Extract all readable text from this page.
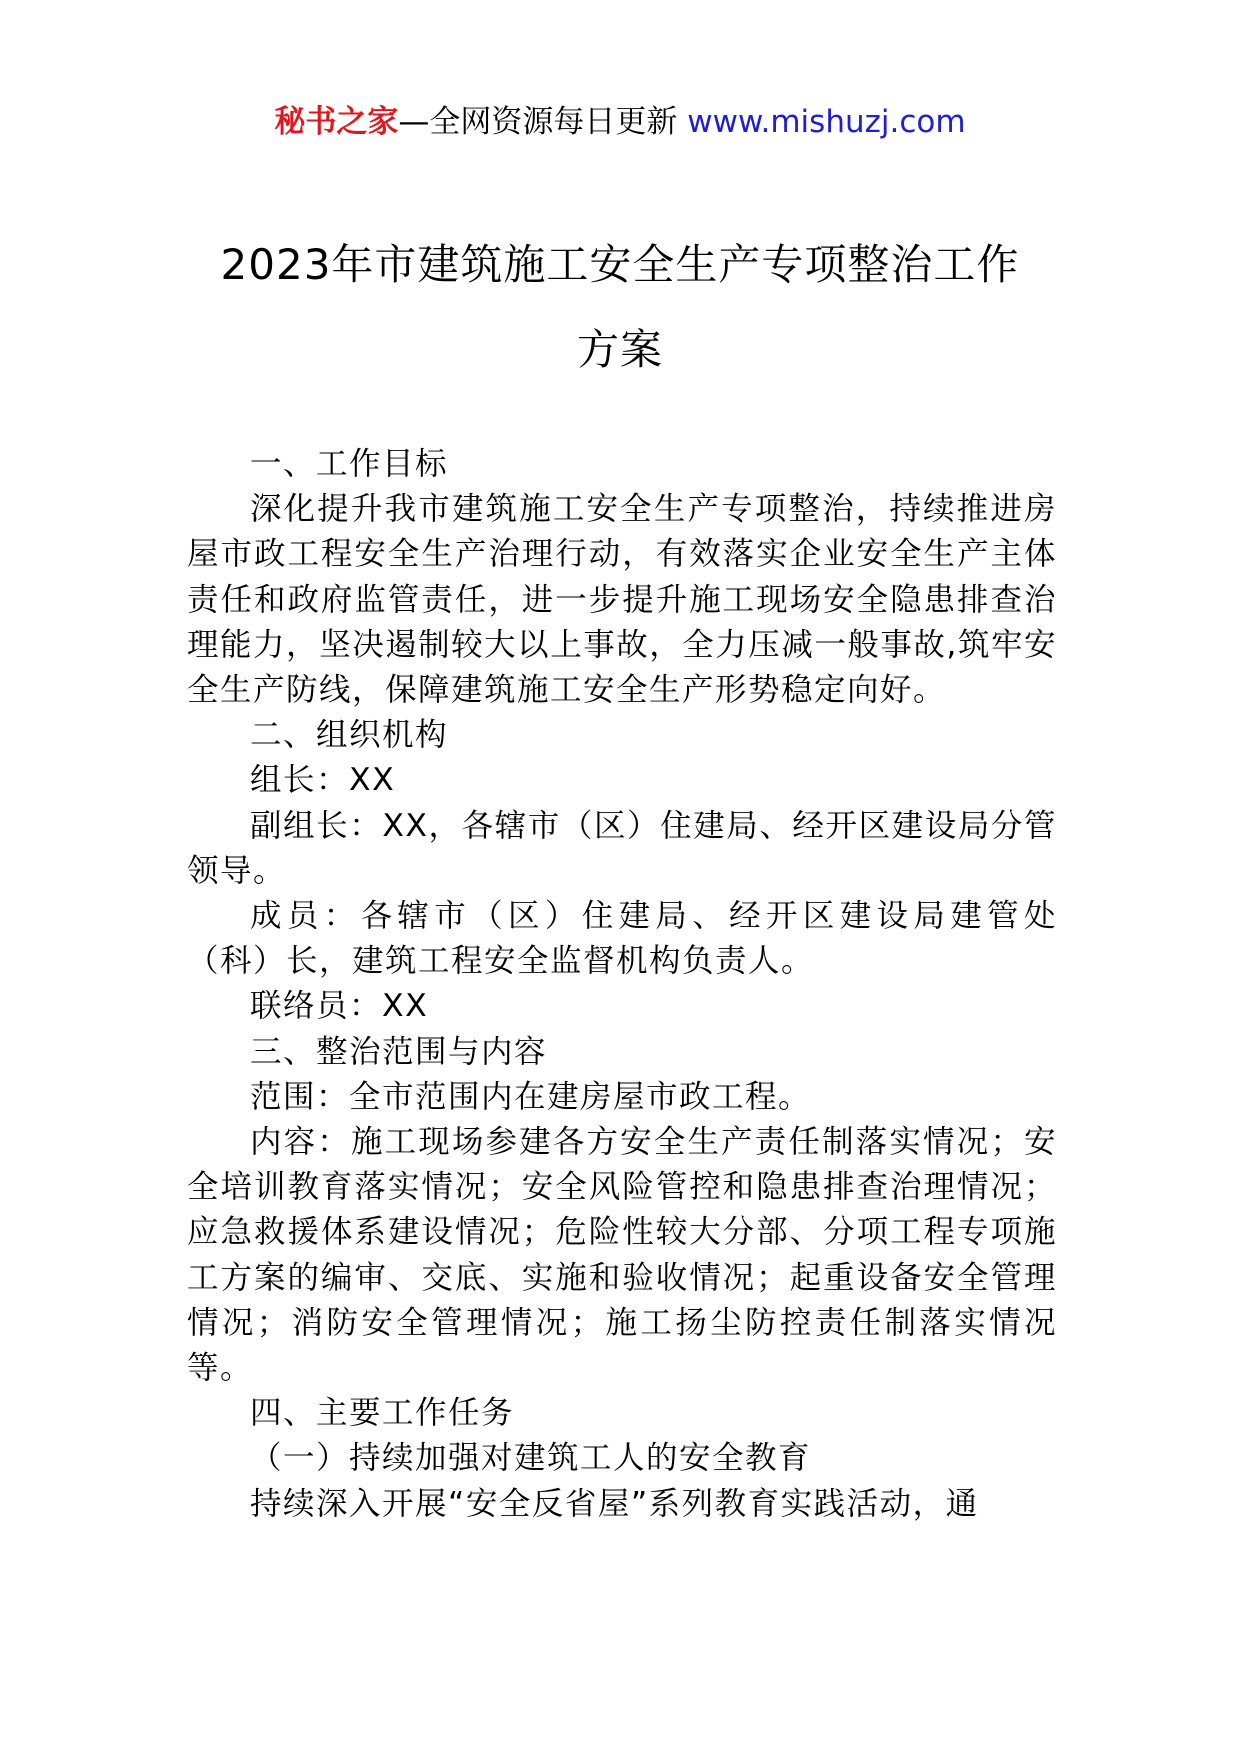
秘书之家—全网资源每日更新 www.mishuzj.com
2023年市建筑施工安全生产专项整治工作
方案

一、工作目标

深化提升我市建筑施工安全生产专项整治，持续推进房屋市政工程安全生产治理行动，有效落实企业安全生产主体责任和政府监管责任，进一步提升施工现场安全隐患排查治理能力，坚决遏制较大以上事故，全力压减一般事故,筑牢安全生产防线，保障建筑施工安全生产形势稳定向好。

二、组织机构

组长：XX

副组长：XX，各辖市（区）住建局、经开区建设局分管领导。

成员：各辖市（区）住建局、经开区建设局建管处（科）长，建筑工程安全监督机构负责人。

联络员：XX

三、整治范围与内容

范围：全市范围内在建房屋市政工程。

内容：施工现场参建各方安全生产责任制落实情况；安全培训教育落实情况；安全风险管控和隐患排查治理情况；应急救援体系建设情况；危险性较大分部、分项工程专项施工方案的编审、交底、实施和验收情况；起重设备安全管理情况；消防安全管理情况；施工扬尘防控责任制落实情况等。

四、主要工作任务

（一）持续加强对建筑工人的安全教育

持续深入开展“安全反省屋”系列教育实践活动，通
